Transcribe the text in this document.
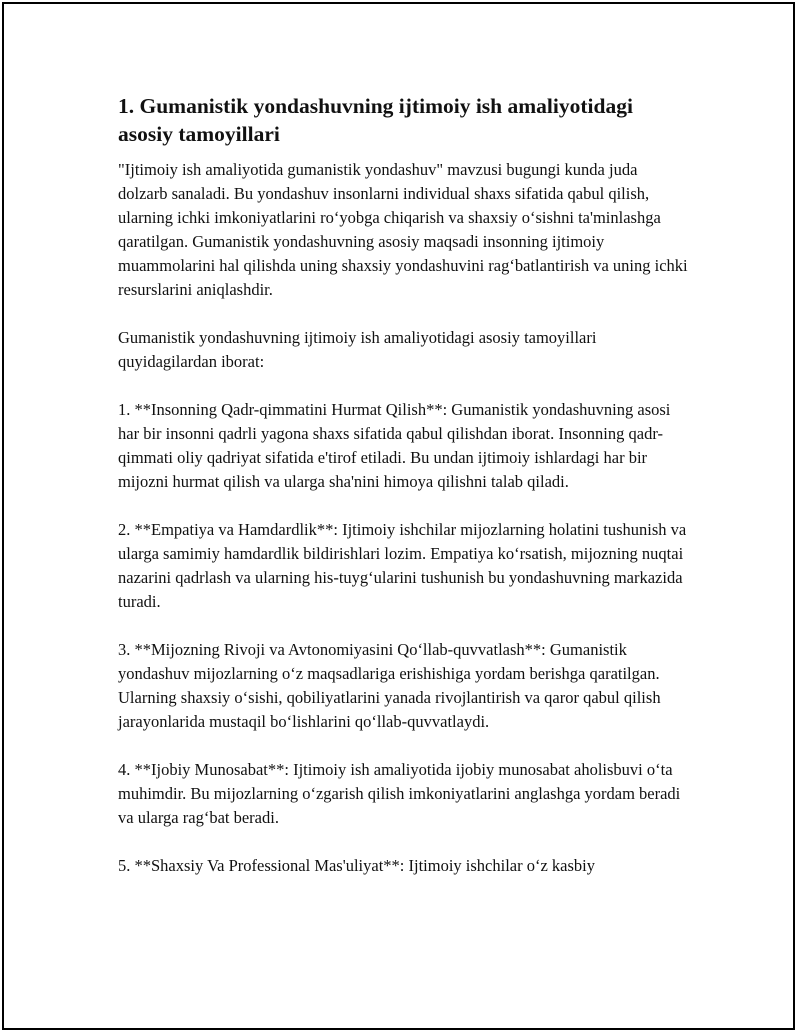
1. Gumanistik yondashuvning ijtimoiy ish amaliyotidagi asosiy tamoyillari

"Ijtimoiy ish amaliyotida gumanistik yondashuv" mavzusi bugungi kunda juda dolzarb sanaladi. Bu yondashuv insonlarni individual shaxs sifatida qabul qilish, ularning ichki imkoniyatlarini ro‘yobga chiqarish va shaxsiy o‘sishni ta'minlashga qaratilgan. Gumanistik yondashuvning asosiy maqsadi insonning ijtimoiy muammolarini hal qilishda uning shaxsiy yondashuvini rag‘batlantirish va uning ichki resurslarini aniqlashdir.

Gumanistik yondashuvning ijtimoiy ish amaliyotidagi asosiy tamoyillari quyidagilardan iborat:

1. **Insonning Qadr-qimmatini Hurmat Qilish**: Gumanistik yondashuvning asosi har bir insonni qadrli yagona shaxs sifatida qabul qilishdan iborat. Insonning qadr-qimmati oliy qadriyat sifatida e'tirof etiladi. Bu undan ijtimoiy ishlardagi har bir mijozni hurmat qilish va ularga sha'nini himoya qilishni talab qiladi.

2. **Empatiya va Hamdardlik**: Ijtimoiy ishchilar mijozlarning holatini tushunish va ularga samimiy hamdardlik bildirishlari lozim. Empatiya ko‘rsatish, mijozning nuqtai nazarini qadrlash va ularning his-tuyg‘ularini tushunish bu yondashuvning markazida turadi.

3. **Mijozning Rivoji va Avtonomiyasini Qo‘llab-quvvatlash**: Gumanistik yondashuv mijozlarning o‘z maqsadlariga erishishiga yordam berishga qaratilgan. Ularning shaxsiy o‘sishi, qobiliyatlarini yanada rivojlantirish va qaror qabul qilish jarayonlarida mustaqil bo‘lishlarini qo‘llab-quvvatlaydi.

4. **Ijobiy Munosabat**: Ijtimoiy ish amaliyotida ijobiy munosabat aholisbuvi o‘ta muhimdir. Bu mijozlarning o‘zgarish qilish imkoniyatlarini anglashga yordam beradi va ularga rag‘bat beradi.

5. **Shaxsiy Va Professional Mas'uliyat**: Ijtimoiy ishchilar o‘z kasbiy
